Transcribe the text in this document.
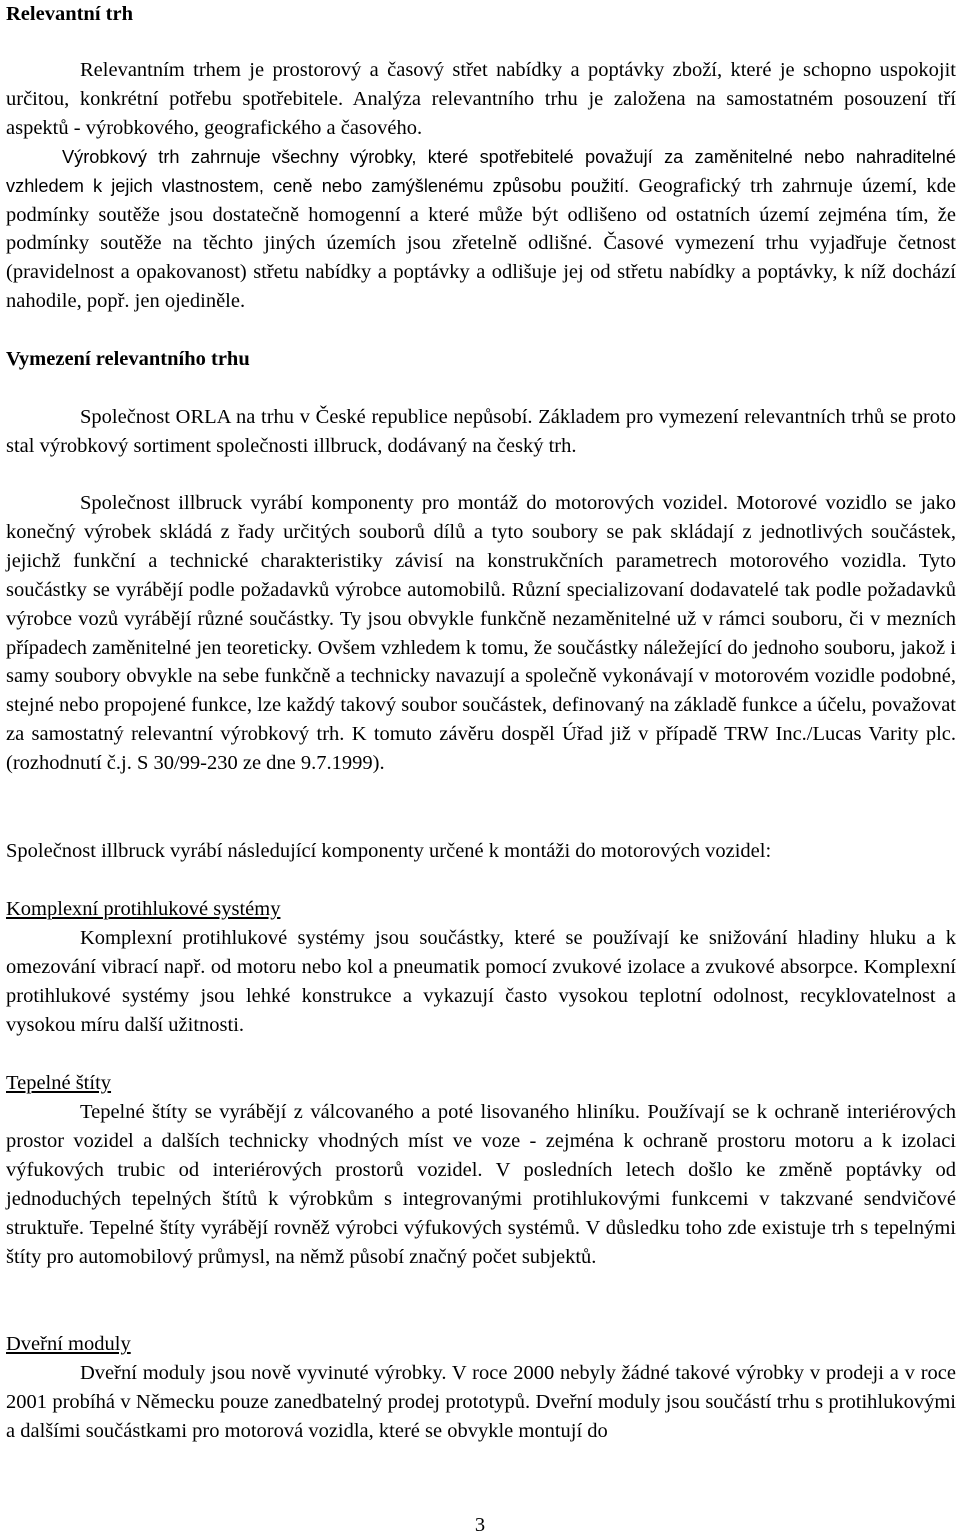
Relevantní trh

Relevantním trhem je prostorový a časový střet nabídky a poptávky zboží, které je schopno uspokojit určitou, konkrétní potřebu spotřebitele. Analýza relevantního trhu je založena na samostatném posouzení tří aspektů - výrobkového, geografického a časového.
Výrobkový trh zahrnuje všechny výrobky, které spotřebitelé považují za zaměnitelné nebo nahraditelné vzhledem k jejich vlastnostem, ceně nebo zamýšlenému způsobu použití. Geografický trh zahrnuje území, kde podmínky soutěže jsou dostatečně homogenní a které může být odlišeno od ostatních území zejména tím, že podmínky soutěže na těchto jiných územích jsou zřetelně odlišné. Časové vymezení trhu vyjadřuje četnost (pravidelnost a opakovanost) střetu nabídky a poptávky a odlišuje jej od střetu nabídky a poptávky, k níž dochází nahodile, popř. jen ojediněle.

Vymezení relevantního trhu

Společnost ORLA na trhu v České republice nepůsobí. Základem pro vymezení relevantních trhů se proto stal výrobkový sortiment společnosti illbruck, dodávaný na český trh.

Společnost illbruck vyrábí komponenty pro montáž do motorových vozidel. Motorové vozidlo se jako konečný výrobek skládá z řady určitých souborů dílů a tyto soubory se pak skládají z jednotlivých součástek, jejichž funkční a technické charakteristiky závisí na konstrukčních parametrech motorového vozidla. Tyto součástky se vyrábějí podle požadavků výrobce automobilů. Různí specializovaní dodavatelé tak podle požadavků výrobce vozů vyrábějí různé součástky. Ty jsou obvykle funkčně nezaměnitelné už v rámci souboru, či v mezních případech zaměnitelné jen teoreticky. Ovšem vzhledem k tomu, že součástky náležející do jednoho souboru, jakož i samy soubory obvykle na sebe funkčně a technicky navazují a společně vykonávají v motorovém vozidle podobné, stejné nebo propojené funkce, lze každý takový soubor součástek, definovaný na základě funkce a účelu, považovat za samostatný relevantní výrobkový trh. K tomuto závěru dospěl Úřad již v případě TRW Inc./Lucas Varity plc. (rozhodnutí č.j. S 30/99-230 ze dne 9.7.1999).

Společnost illbruck vyrábí následující komponenty určené k montáži do motorových vozidel:

Komplexní protihlukové systémy

Komplexní protihlukové systémy jsou součástky, které se používají ke snižování hladiny hluku a k omezování vibrací např. od motoru nebo kol a pneumatik pomocí zvukové izolace a zvukové absorpce. Komplexní protihlukové systémy jsou lehké konstrukce a vykazují často vysokou teplotní odolnost, recyklovatelnost a vysokou míru další užitnosti.

Tepelné štíty

Tepelné štíty se vyrábějí z válcovaného a poté lisovaného hliníku. Používají se k ochraně interiérových prostor vozidel a dalších technicky vhodných míst ve voze - zejména k ochraně prostoru motoru a k izolaci výfukových trubic od interiérových prostorů vozidel. V posledních letech došlo ke změně poptávky od jednoduchých tepelných štítů k výrobkům s integrovanými protihlukovými funkcemi v takzvané sendvičové struktuře. Tepelné štíty vyrábějí rovněž výrobci výfukových systémů. V důsledku toho zde existuje trh s tepelnými štíty pro automobilový průmysl, na němž působí značný počet subjektů.

Dveřní moduly

Dveřní moduly jsou nově vyvinuté výrobky. V roce 2000 nebyly žádné takové výrobky v prodeji a v roce 2001 probíhá v Německu pouze zanedbatelný prodej prototypů. Dveřní moduly jsou součástí trhu s protihlukovými a dalšími součástkami pro motorová vozidla, které se obvykle montují do

3
